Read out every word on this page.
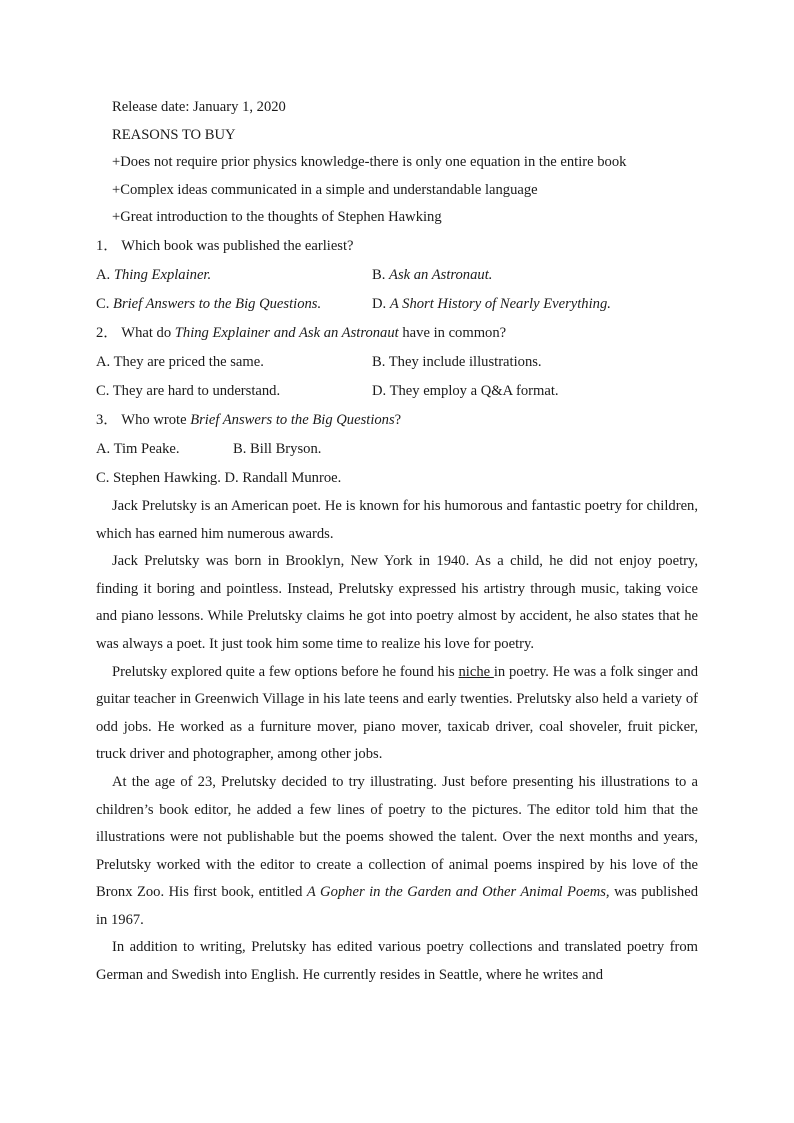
Release date: January 1, 2020
REASONS TO BUY
+Does not require prior physics knowledge-there is only one equation in the entire book
+Complex ideas communicated in a simple and understandable language
+Great introduction to the thoughts of Stephen Hawking
1． Which book was published the earliest?
A. Thing Explainer.	B. Ask an Astronaut.
C. Brief Answers to the Big Questions.	D. A Short History of Nearly Everything.
2． What do Thing Explainer and Ask an Astronaut have in common?
A. They are priced the same.	B. They include illustrations.
C. They are hard to understand.	D. They employ a Q&A format.
3． Who wrote Brief Answers to the Big Questions?
A. Tim Peake.	B. Bill Bryson.
C. Stephen Hawking. D. Randall Munroe.

Jack Prelutsky is an American poet. He is known for his humorous and fantastic poetry for children, which has earned him numerous awards.

Jack Prelutsky was born in Brooklyn, New York in 1940. As a child, he did not enjoy poetry, finding it boring and pointless. Instead, Prelutsky expressed his artistry through music, taking voice and piano lessons. While Prelutsky claims he got into poetry almost by accident, he also states that he was always a poet. It just took him some time to realize his love for poetry.

Prelutsky explored quite a few options before he found his niche in poetry. He was a folk singer and guitar teacher in Greenwich Village in his late teens and early twenties. Prelutsky also held a variety of odd jobs. He worked as a furniture mover, piano mover, taxicab driver, coal shoveler, fruit picker, truck driver and photographer, among other jobs.

At the age of 23, Prelutsky decided to try illustrating. Just before presenting his illustrations to a children’s book editor, he added a few lines of poetry to the pictures. The editor told him that the illustrations were not publishable but the poems showed the talent. Over the next months and years, Prelutsky worked with the editor to create a collection of animal poems inspired by his love of the Bronx Zoo. His first book, entitled A Gopher in the Garden and Other Animal Poems, was published in 1967.

In addition to writing, Prelutsky has edited various poetry collections and translated poetry from German and Swedish into English. He currently resides in Seattle, where he writes and
